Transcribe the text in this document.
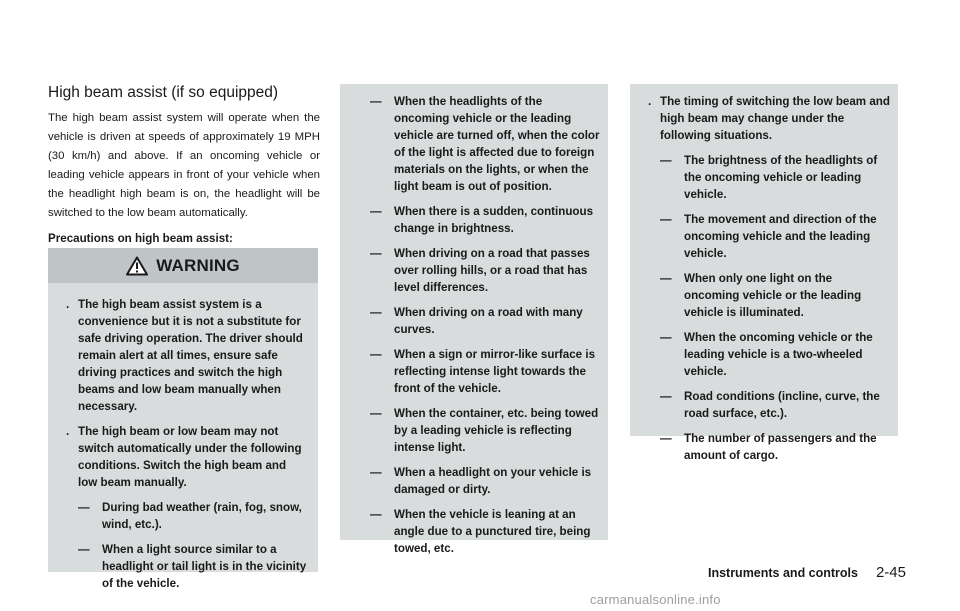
High beam assist (if so equipped)

The high beam assist system will operate when the vehicle is driven at speeds of approximately 19 MPH (30 km/h) and above. If an oncoming vehicle or leading vehicle appears in front of your vehicle when the headlight high beam is on, the headlight will be switched to the low beam automatically.

Precautions on high beam assist:

WARNING
. The high beam assist system is a convenience but it is not a substitute for safe driving operation. The driver should remain alert at all times, ensure safe driving practices and switch the high beams and low beam manually when necessary.
. The high beam or low beam may not switch automatically under the following conditions. Switch the high beam and low beam manually.
— During bad weather (rain, fog, snow, wind, etc.).
— When a light source similar to a headlight or tail light is in the vicinity of the vehicle.
— When the headlights of the oncoming vehicle or the leading vehicle are turned off, when the color of the light is affected due to foreign materials on the lights, or when the light beam is out of position.
— When there is a sudden, continuous change in brightness.
— When driving on a road that passes over rolling hills, or a road that has level differences.
— When driving on a road with many curves.
— When a sign or mirror-like surface is reflecting intense light towards the front of the vehicle.
— When the container, etc. being towed by a leading vehicle is reflecting intense light.
— When a headlight on your vehicle is damaged or dirty.
— When the vehicle is leaning at an angle due to a punctured tire, being towed, etc.
. The timing of switching the low beam and high beam may change under the following situations.
— The brightness of the headlights of the oncoming vehicle or leading vehicle.
— The movement and direction of the oncoming vehicle and the leading vehicle.
— When only one light on the oncoming vehicle or the leading vehicle is illuminated.
— When the oncoming vehicle or the leading vehicle is a two-wheeled vehicle.
— Road conditions (incline, curve, the road surface, etc.).
— The number of passengers and the amount of cargo.
Instruments and controls 2-45
carmanualsonline.info
